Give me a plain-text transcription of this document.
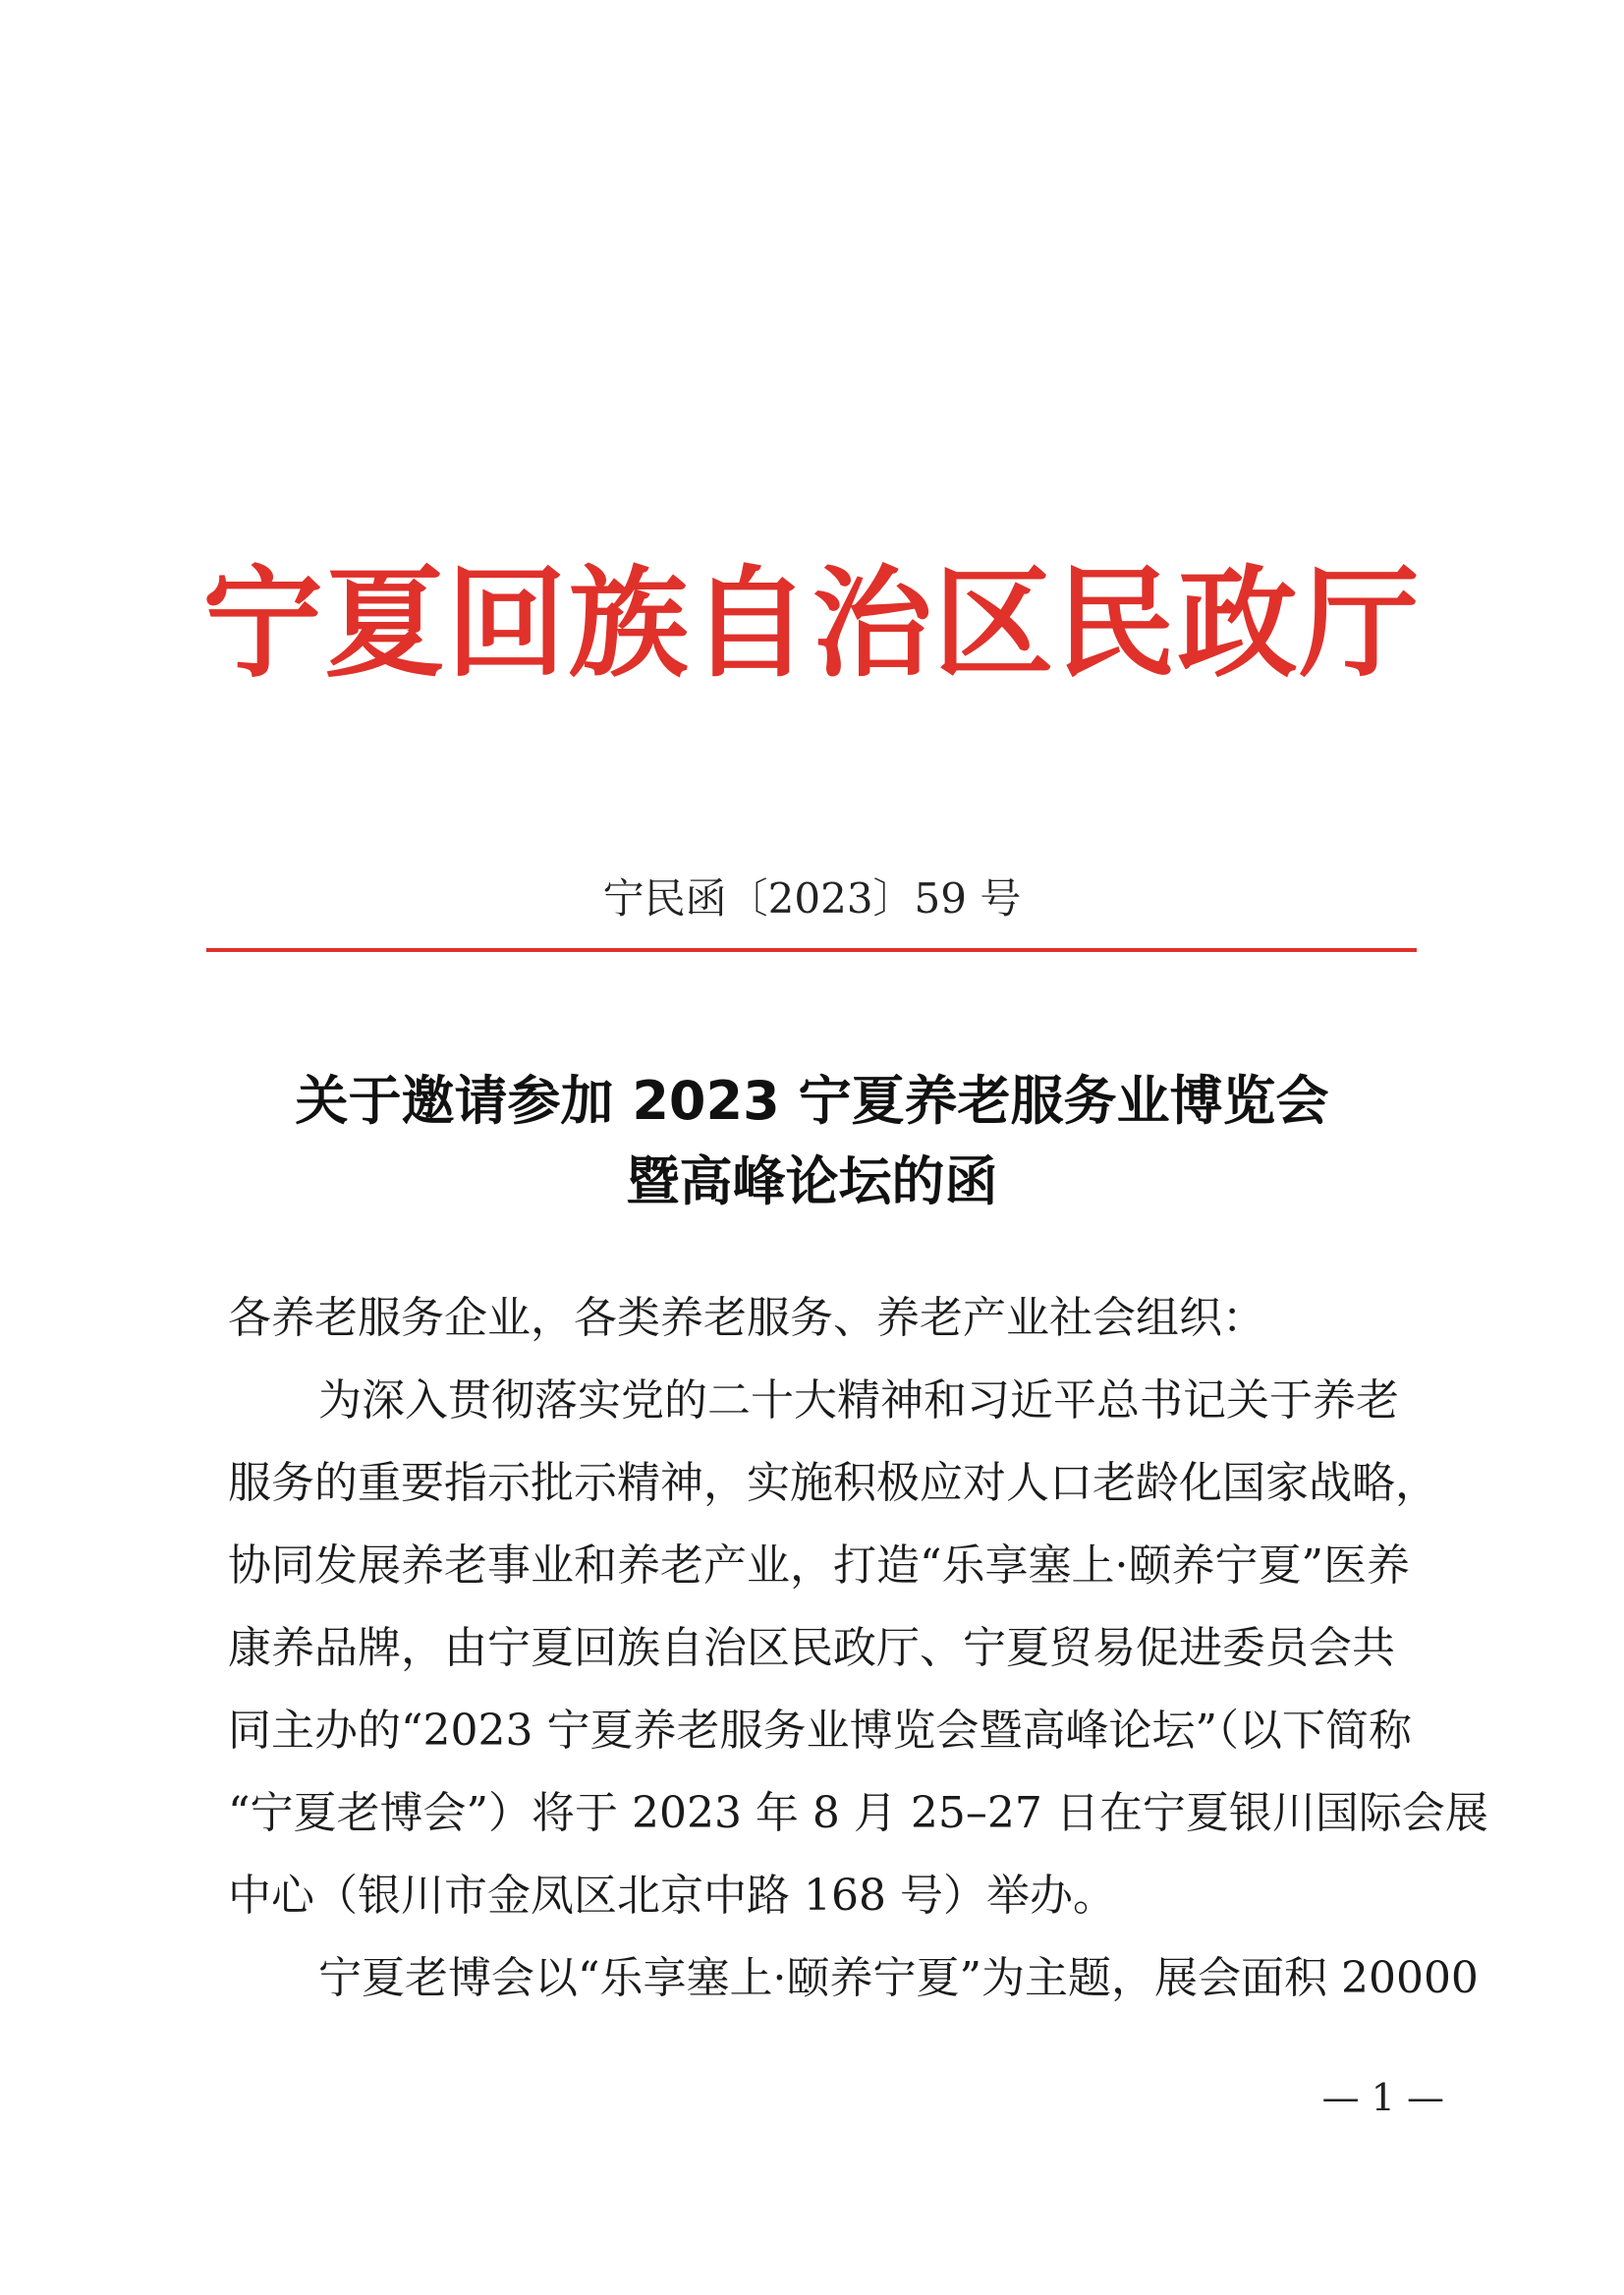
宁夏回族自治区民政厅
宁民函〔2023〕59 号
关于邀请参加 2023 宁夏养老服务业博览会
暨高峰论坛的函

各养老服务企业，各类养老服务、养老产业社会组织：

为深入贯彻落实党的二十大精神和习近平总书记关于养老

服务的重要指示批示精神，实施积极应对人口老龄化国家战略，

协同发展养老事业和养老产业，打造“乐享塞上·颐养宁夏”医养

康养品牌，由宁夏回族自治区民政厅、宁夏贸易促进委员会共

同主办的“2023 宁夏养老服务业博览会暨高峰论坛”（以下简称

“宁夏老博会”）将于 2023 年 8 月 25–27 日在宁夏银川国际会展

中心（银川市金凤区北京中路 168 号）举办。

宁夏老博会以“乐享塞上·颐养宁夏”为主题，展会面积 20000

— 1 —
